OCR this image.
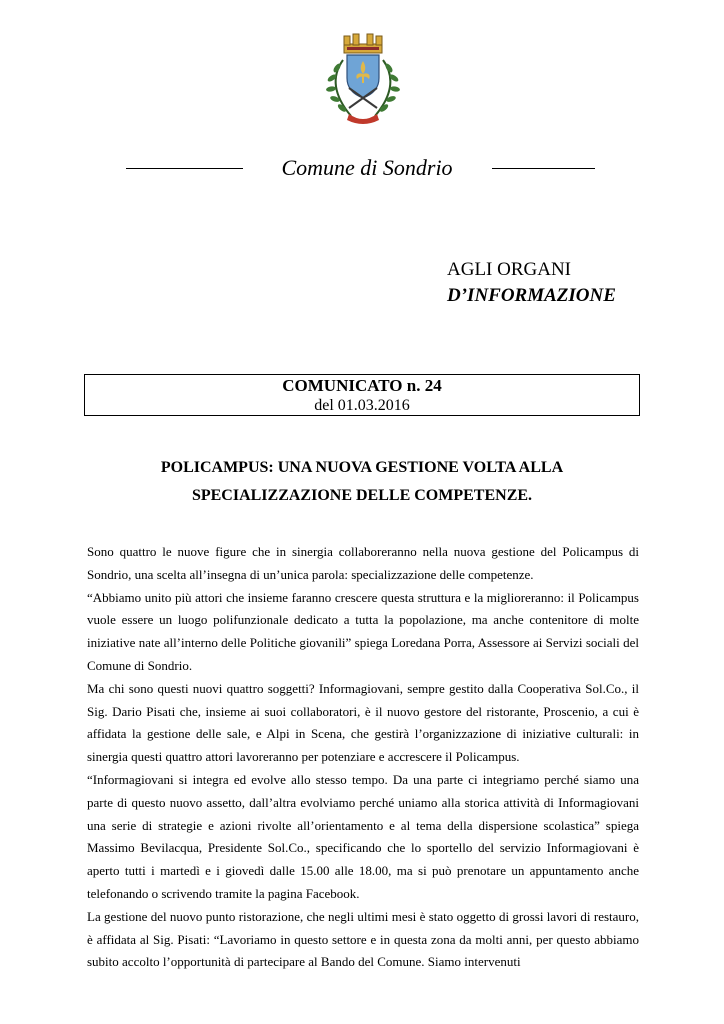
Comune di Sondrio
AGLI ORGANI
D’INFORMAZIONE
COMUNICATO n. 24
del 01.03.2016
POLICAMPUS: UNA NUOVA GESTIONE VOLTA ALLA
SPECIALIZZAZIONE DELLE COMPETENZE.

Sono quattro le nuove figure che in sinergia collaboreranno nella nuova gestione del Policampus di Sondrio, una scelta all’insegna di un’unica parola: specializzazione delle competenze.

“Abbiamo unito più attori che insieme faranno crescere questa struttura e la miglioreranno: il Policampus vuole essere un luogo polifunzionale dedicato a tutta la popolazione, ma anche contenitore di molte iniziative nate all’interno delle Politiche giovanili” spiega Loredana Porra, Assessore ai Servizi sociali del Comune di Sondrio.

Ma chi sono questi nuovi quattro soggetti? Informagiovani, sempre gestito dalla Cooperativa Sol.Co., il Sig. Dario Pisati che, insieme ai suoi collaboratori, è il nuovo gestore del ristorante, Proscenio, a cui è affidata la gestione delle sale, e Alpi in Scena, che gestirà l’organizzazione di iniziative culturali: in sinergia questi quattro attori lavoreranno per potenziare e accrescere il Policampus.

“Informagiovani si integra ed evolve allo stesso tempo. Da una parte ci integriamo perché siamo una parte di questo nuovo assetto, dall’altra evolviamo perché uniamo alla storica attività di Informagiovani una serie di strategie e azioni rivolte all’orientamento e al tema della dispersione scolastica” spiega Massimo Bevilacqua, Presidente Sol.Co., specificando che lo sportello del servizio Informagiovani è aperto tutti i martedì e i giovedì dalle 15.00 alle 18.00, ma si può prenotare un appuntamento anche telefonando o scrivendo tramite la pagina Facebook.

La gestione del nuovo punto ristorazione, che negli ultimi mesi è stato oggetto di grossi lavori di restauro, è affidata al Sig. Pisati: “Lavoriamo in questo settore e in questa zona da molti anni, per questo abbiamo subito accolto l’opportunità di partecipare al Bando del Comune. Siamo intervenuti
